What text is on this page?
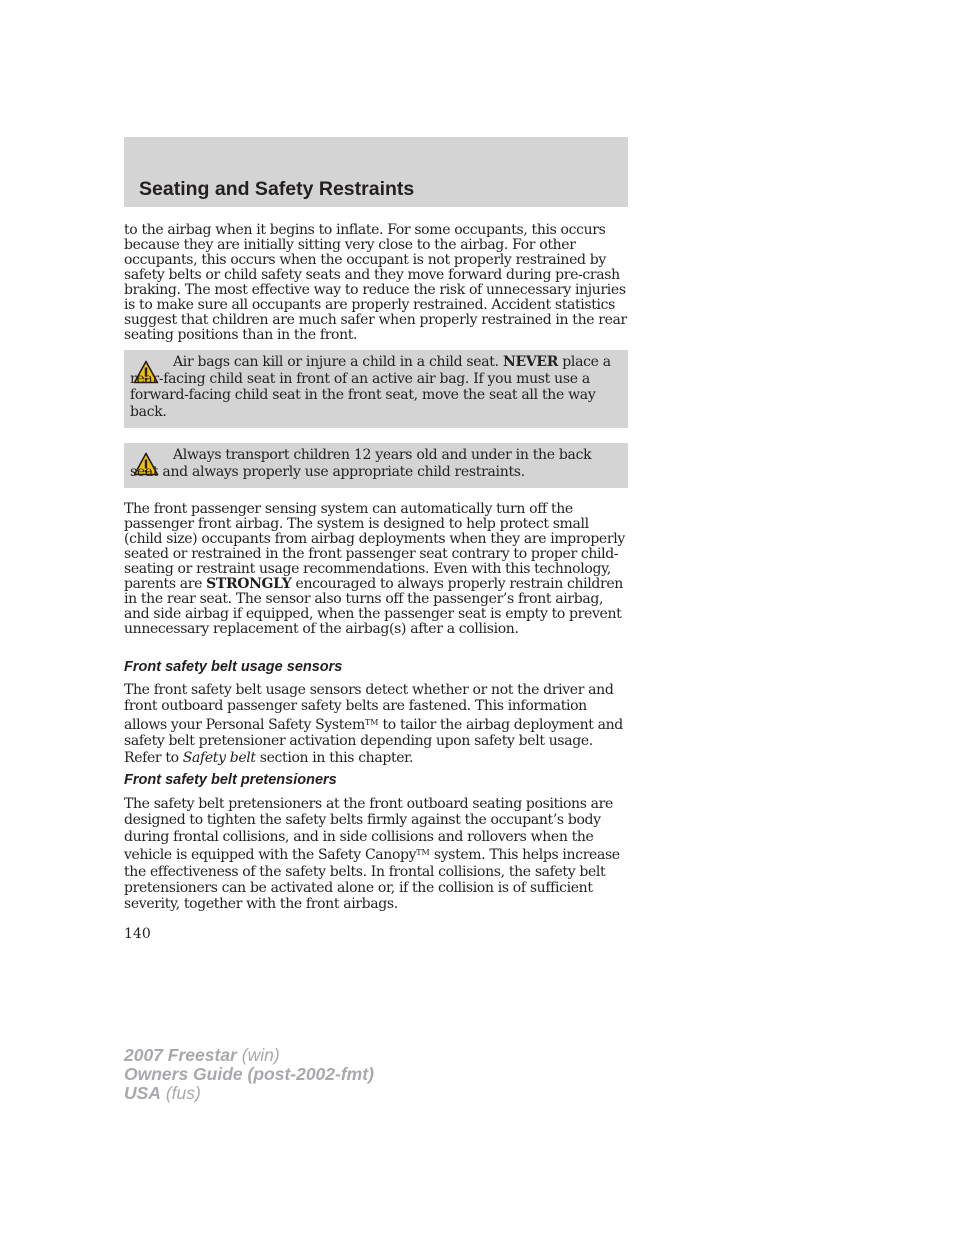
Seating and Safety Restraints

to the airbag when it begins to inflate. For some occupants, this occurs because they are initially sitting very close to the airbag. For other occupants, this occurs when the occupant is not properly restrained by safety belts or child safety seats and they move forward during pre-crash braking. The most effective way to reduce the risk of unnecessary injuries is to make sure all occupants are properly restrained. Accident statistics suggest that children are much safer when properly restrained in the rear seating positions than in the front.

Air bags can kill or injure a child in a child seat. NEVER place a rear-facing child seat in front of an active air bag. If you must use a forward-facing child seat in the front seat, move the seat all the way back.

Always transport children 12 years old and under in the back seat and always properly use appropriate child restraints.

The front passenger sensing system can automatically turn off the passenger front airbag. The system is designed to help protect small (child size) occupants from airbag deployments when they are improperly seated or restrained in the front passenger seat contrary to proper child-seating or restraint usage recommendations. Even with this technology, parents are STRONGLY encouraged to always properly restrain children in the rear seat. The sensor also turns off the passenger’s front airbag, and side airbag if equipped, when the passenger seat is empty to prevent unnecessary replacement of the airbag(s) after a collision.

Front safety belt usage sensors

The front safety belt usage sensors detect whether or not the driver and front outboard passenger safety belts are fastened. This information allows your Personal Safety System™ to tailor the airbag deployment and safety belt pretensioner activation depending upon safety belt usage. Refer to Safety belt section in this chapter.

Front safety belt pretensioners

The safety belt pretensioners at the front outboard seating positions are designed to tighten the safety belts firmly against the occupant’s body during frontal collisions, and in side collisions and rollovers when the vehicle is equipped with the Safety Canopy™ system. This helps increase the effectiveness of the safety belts. In frontal collisions, the safety belt pretensioners can be activated alone or, if the collision is of sufficient severity, together with the front airbags.

140

2007 Freestar (win)
Owners Guide (post-2002-fmt)
USA (fus)
